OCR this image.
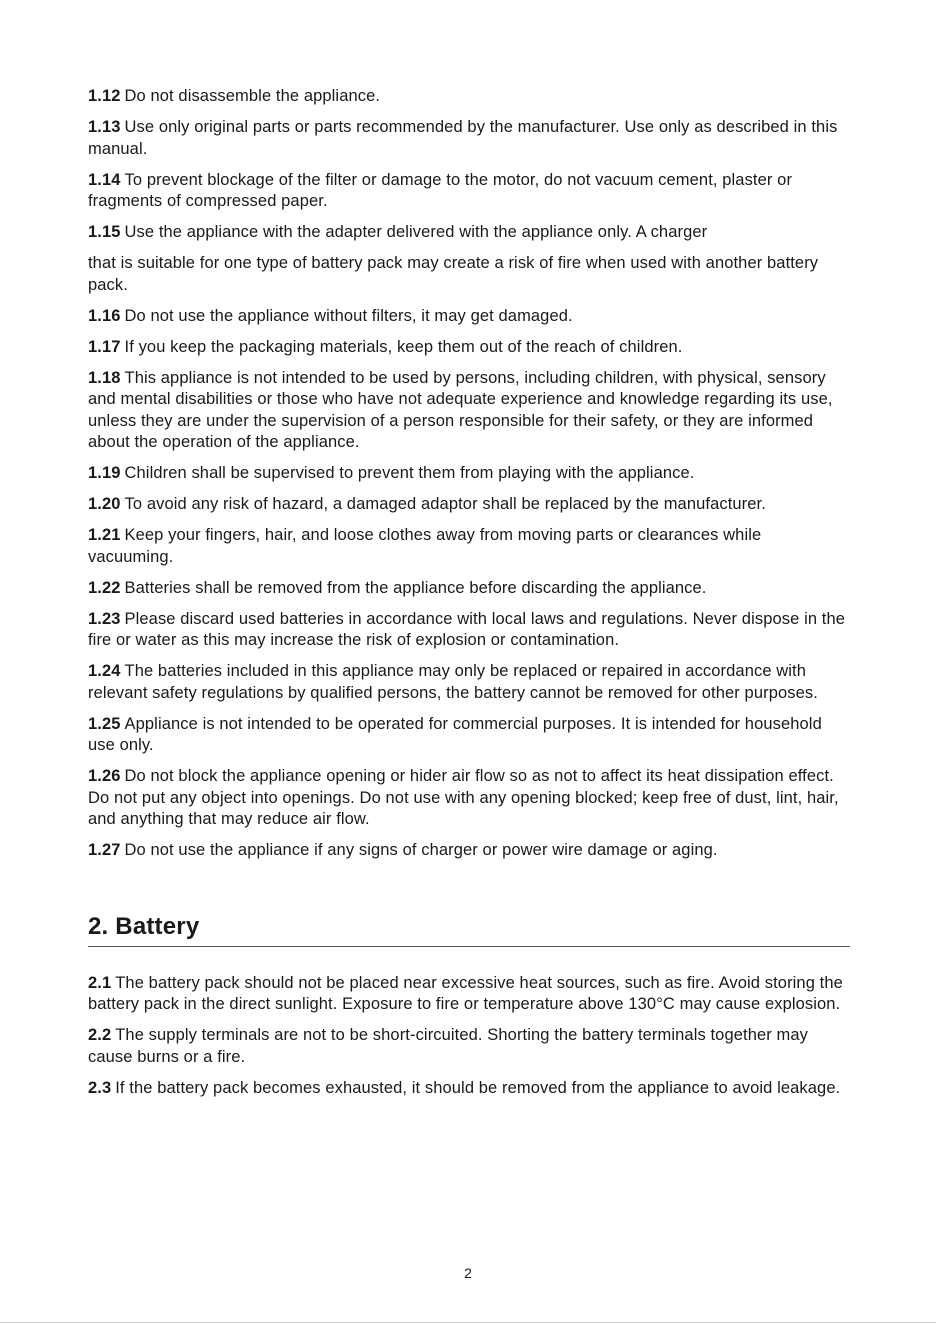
1.12 Do not disassemble the appliance.

1.13 Use only original parts or parts recommended by the manufacturer. Use only as described in this manual.

1.14 To prevent blockage of the filter or damage to the motor, do not vacuum cement, plaster or fragments of compressed paper.

1.15 Use the appliance with the adapter delivered with the appliance only. A charger

that is suitable for one type of battery pack may create a risk of fire when used with another battery pack.

1.16 Do not use the appliance without filters, it may get damaged.

1.17 If you keep the packaging materials, keep them out of the reach of children.

1.18 This appliance is not intended to be used by persons, including children, with physical, sensory and mental disabilities or those who have not adequate experience and knowledge regarding its use, unless they are under the supervision of a person responsible for their safety, or they are informed about the operation of the appliance.

1.19 Children shall be supervised to prevent them from playing with the appliance.

1.20 To avoid any risk of hazard, a damaged adaptor shall be replaced by the manufacturer.

1.21 Keep your fingers, hair, and loose clothes away from moving parts or clearances while vacuuming.

1.22 Batteries shall be removed from the appliance before discarding the appliance.

1.23 Please discard used batteries in accordance with local laws and regulations. Never dispose in the fire or water as this may increase the risk of explosion or contamination.

1.24 The batteries included in this appliance may only be replaced or repaired in accordance with relevant safety regulations by qualified persons, the battery cannot be removed for other purposes.

1.25 Appliance is not intended to be operated for commercial purposes. It is intended for household use only.

1.26 Do not block the appliance opening or hider air flow so as not to affect its heat dissipation effect. Do not put any object into openings. Do not use with any opening blocked; keep free of dust, lint, hair, and anything that may reduce air flow.

1.27 Do not use the appliance if any signs of charger or power wire damage or aging.

2. Battery

2.1 The battery pack should not be placed near excessive heat sources, such as fire. Avoid storing the battery pack in the direct sunlight. Exposure to fire or temperature above 130°C may cause explosion.

2.2 The supply terminals are not to be short-circuited. Shorting the battery terminals together may cause burns or a fire.

2.3 If the battery pack becomes exhausted, it should be removed from the appliance to avoid leakage.

2
